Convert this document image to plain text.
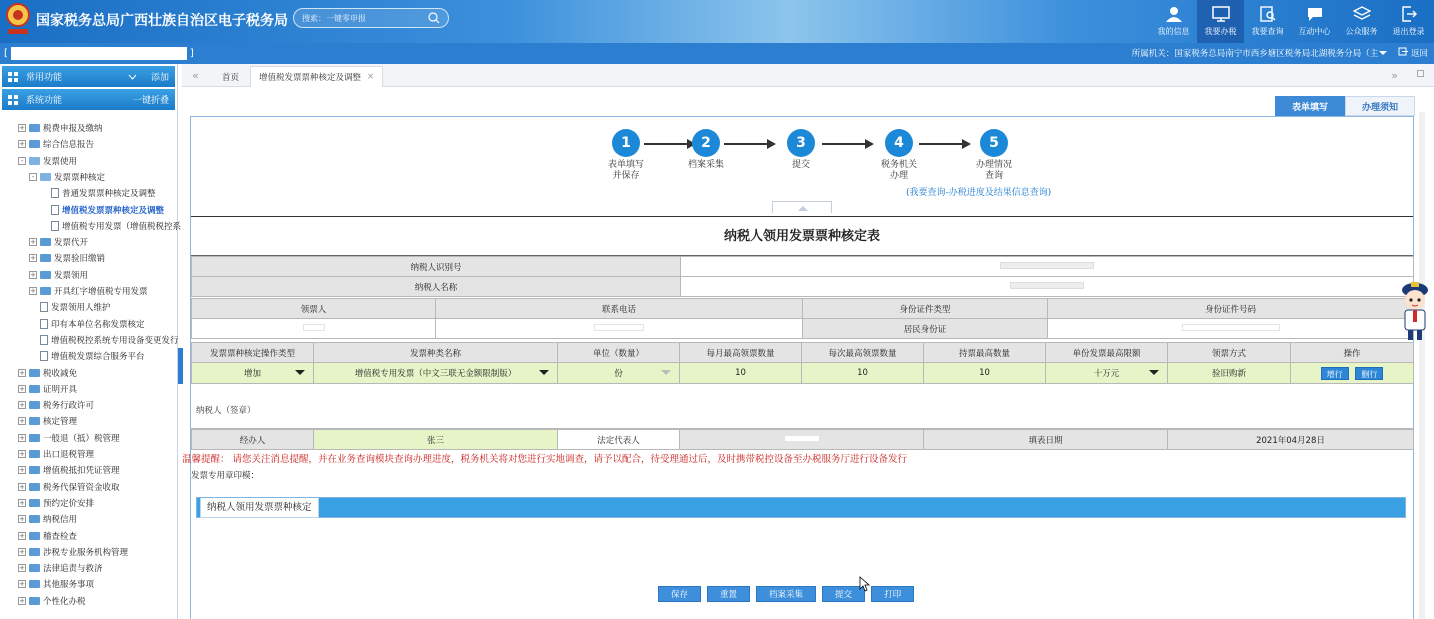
国家税务总局广西壮族自治区电子税务局
搜索：一键零申报
我的信息 我要办税 我要查询 互动中心 公众服务 退出登录
[	]	所属机关： 国家税务总局南宁市西乡塘区税务局北湖税务分局（主	返回
常用功能	添加
系统功能	一键折叠
+ 税费申报及缴纳
+ 综合信息报告
-	发票使用
-	发票票种核定
普通发票票种核定及调整
增值税发票票种核定及调整
增值税专用发票（增值税税控系
+ 发票代开
+ 发票验旧缴销
+ 发票领用
+ 开具红字增值税专用发票
发票领用人维护
印有本单位名称发票核定
增值税税控系统专用设备变更发行
增值税发票综合服务平台
+ 税收减免
+ 证明开具
+ 税务行政许可
+ 核定管理
+ 一般退（抵）税管理
+ 出口退税管理
+ 增值税抵扣凭证管理
+ 税务代保管资金收取
+ 预约定价安排
+ 纳税信用
+ 稽查检查
+ 涉税专业服务机构管理
+ 法律追责与救济
+ 其他服务事项
+ 个性化办税
«	首页 增值税发票票种核定及调整 ×	»
表单填写	办理须知
1
表单填写
并保存
2
档案采集
3
提交
4
税务机关
办理
5
办理情况
查询
(我要查询-办税进度及结果信息查询)
纳税人领用发票票种核定表
纳税人识别号	
纳税人名称	
领票人	联系电话	身份证件类型	身份证件号码
		居民身份证	
发票票种核定操作类型	发票种类名称	单位（数量）	每月最高领票数量	每次最高领票数量	持票最高数量	单份发票最高限额	领票方式	操作

增加	增值税专用发票（中文三联无金额限制版）	份	10	10	10	十万元	验旧购新	增行 删行
纳税人（签章）
经办人	张三	法定代表人		填表日期	2021年04月28日
发票专用章印模：
纳税人领用发票票种核定
温馨提醒： 请您关注消息提醒，并在业务查询模块查询办理进度，税务机关将对您进行实地调查，请予以配合，待受理通过后，及时携带税控设备至办税服务厅进行设备发行
保存	重置	档案采集	提交	打印
